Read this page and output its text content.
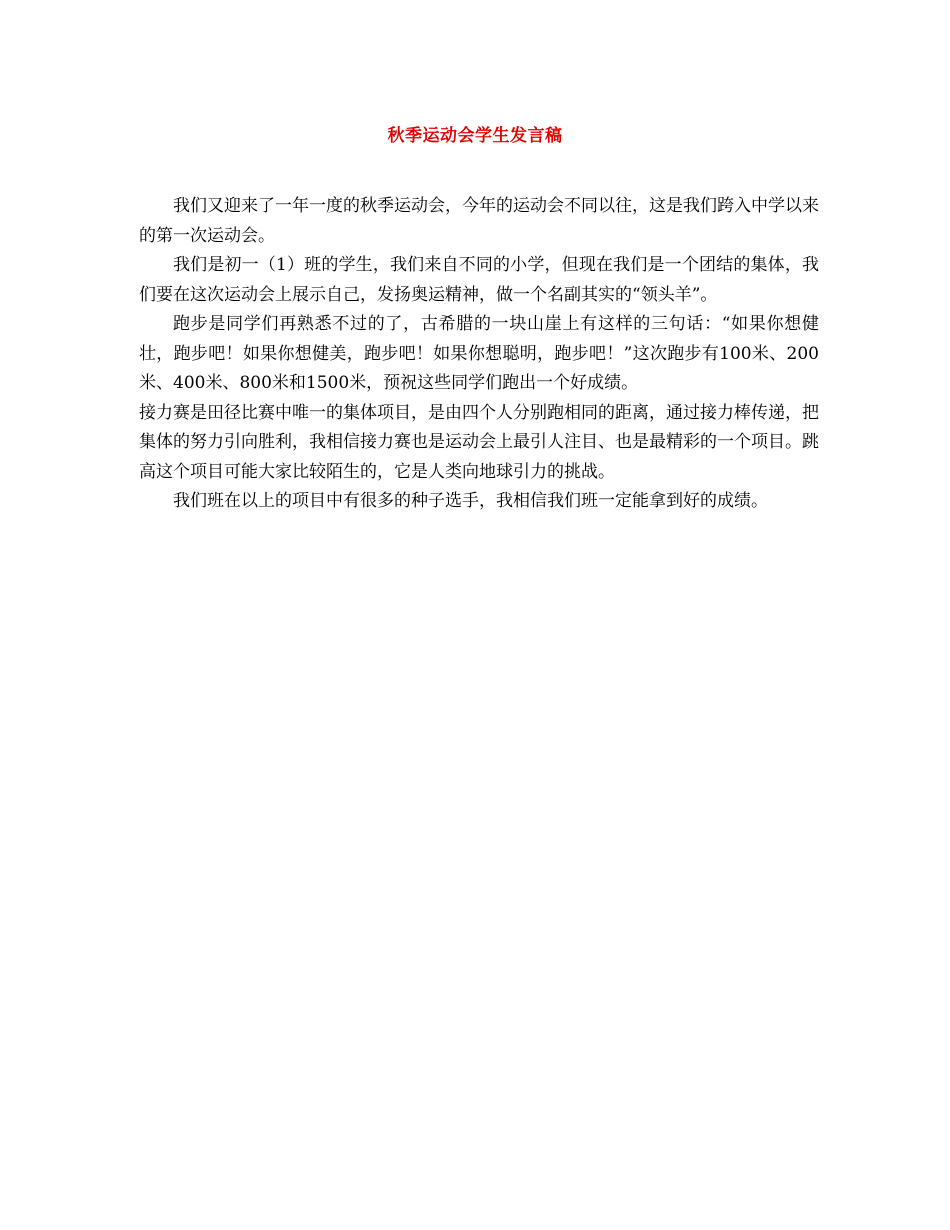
秋季运动会学生发言稿

我们又迎来了一年一度的秋季运动会，今年的运动会不同以往，这是我们跨入中学以来的第一次运动会。

我们是初一（1）班的学生，我们来自不同的小学，但现在我们是一个团结的集体，我们要在这次运动会上展示自己，发扬奥运精神，做一个名副其实的“领头羊”。

跑步是同学们再熟悉不过的了，古希腊的一块山崖上有这样的三句话：“如果你想健壮，跑步吧！如果你想健美，跑步吧！如果你想聪明，跑步吧！”这次跑步有100米、200米、400米、800米和1500米，预祝这些同学们跑出一个好成绩。

接力赛是田径比赛中唯一的集体项目，是由四个人分别跑相同的距离，通过接力棒传递，把集体的努力引向胜利，我相信接力赛也是运动会上最引人注目、也是最精彩的一个项目。跳高这个项目可能大家比较陌生的，它是人类向地球引力的挑战。

我们班在以上的项目中有很多的种子选手，我相信我们班一定能拿到好的成绩。
